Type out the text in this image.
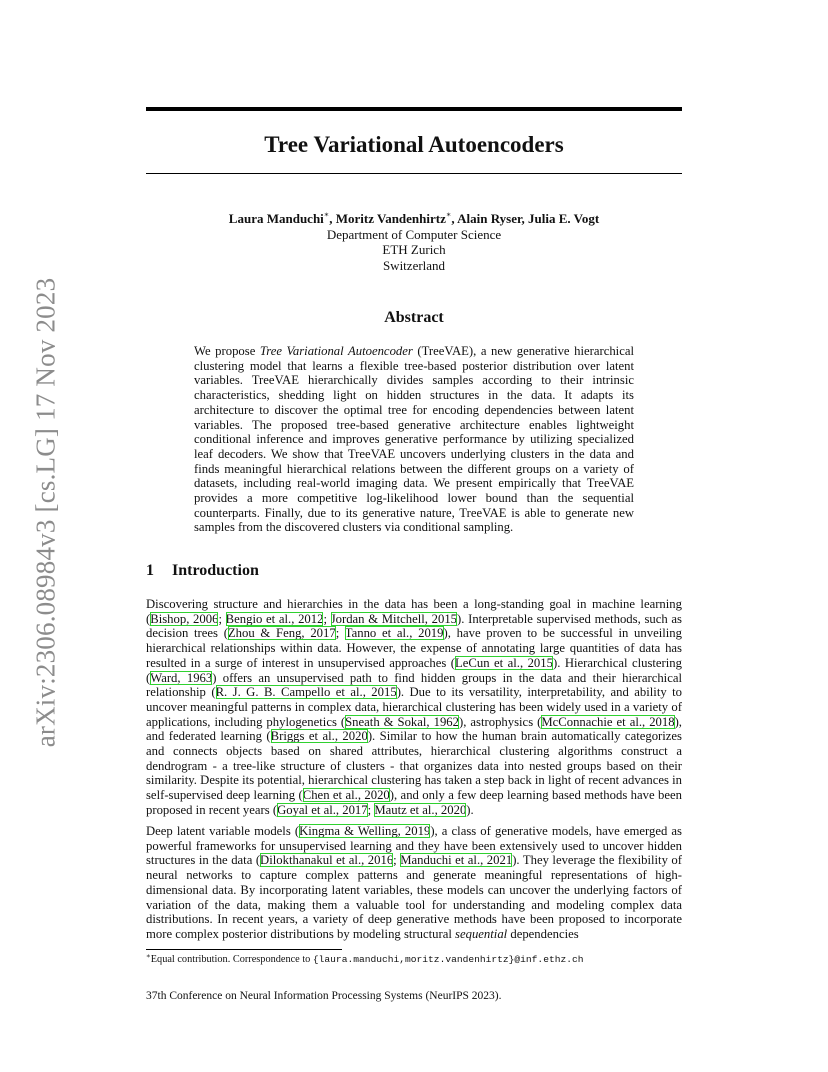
arXiv:2306.08984v3 [cs.LG] 17 Nov 2023
Tree Variational Autoencoders
Laura Manduchi∗, Moritz Vandenhirtz∗, Alain Ryser, Julia E. Vogt
Department of Computer Science
ETH Zurich
Switzerland
Abstract
We propose Tree Variational Autoencoder (TreeVAE), a new generative hierarchical clustering model that learns a flexible tree-based posterior distribution over latent variables. TreeVAE hierarchically divides samples according to their intrinsic characteristics, shedding light on hidden structures in the data. It adapts its architecture to discover the optimal tree for encoding dependencies between latent variables. The proposed tree-based generative architecture enables lightweight conditional inference and improves generative performance by utilizing specialized leaf decoders. We show that TreeVAE uncovers underlying clusters in the data and finds meaningful hierarchical relations between the different groups on a variety of datasets, including real-world imaging data. We present empirically that TreeVAE provides a more competitive log-likelihood lower bound than the sequential counterparts. Finally, due to its generative nature, TreeVAE is able to generate new samples from the discovered clusters via conditional sampling.
1 Introduction

Discovering structure and hierarchies in the data has been a long-standing goal in machine learning (Bishop, 2006; Bengio et al., 2012; Jordan & Mitchell, 2015). Interpretable supervised methods, such as decision trees (Zhou & Feng, 2017; Tanno et al., 2019), have proven to be successful in unveiling hierarchical relationships within data. However, the expense of annotating large quantities of data has resulted in a surge of interest in unsupervised approaches (LeCun et al., 2015). Hierarchical clustering (Ward, 1963) offers an unsupervised path to find hidden groups in the data and their hierarchical relationship (R. J. G. B. Campello et al., 2015). Due to its versatility, interpretability, and ability to uncover meaningful patterns in complex data, hierarchical clustering has been widely used in a variety of applications, including phylogenetics (Sneath & Sokal, 1962), astrophysics (McConnachie et al., 2018), and federated learning (Briggs et al., 2020). Similar to how the human brain automatically categorizes and connects objects based on shared attributes, hierarchical clustering algorithms construct a dendrogram - a tree-like structure of clusters - that organizes data into nested groups based on their similarity. Despite its potential, hierarchical clustering has taken a step back in light of recent advances in self-supervised deep learning (Chen et al., 2020), and only a few deep learning based methods have been proposed in recent years (Goyal et al., 2017; Mautz et al., 2020).

Deep latent variable models (Kingma & Welling, 2019), a class of generative models, have emerged as powerful frameworks for unsupervised learning and they have been extensively used to uncover hidden structures in the data (Dilokthanakul et al., 2016; Manduchi et al., 2021). They leverage the flexibility of neural networks to capture complex patterns and generate meaningful representations of high-dimensional data. By incorporating latent variables, these models can uncover the underlying factors of variation of the data, making them a valuable tool for understanding and modeling complex data distributions. In recent years, a variety of deep generative methods have been proposed to incorporate more complex posterior distributions by modeling structural sequential dependencies

∗Equal contribution. Correspondence to {laura.manduchi,moritz.vandenhirtz}@inf.ethz.ch
37th Conference on Neural Information Processing Systems (NeurIPS 2023).
